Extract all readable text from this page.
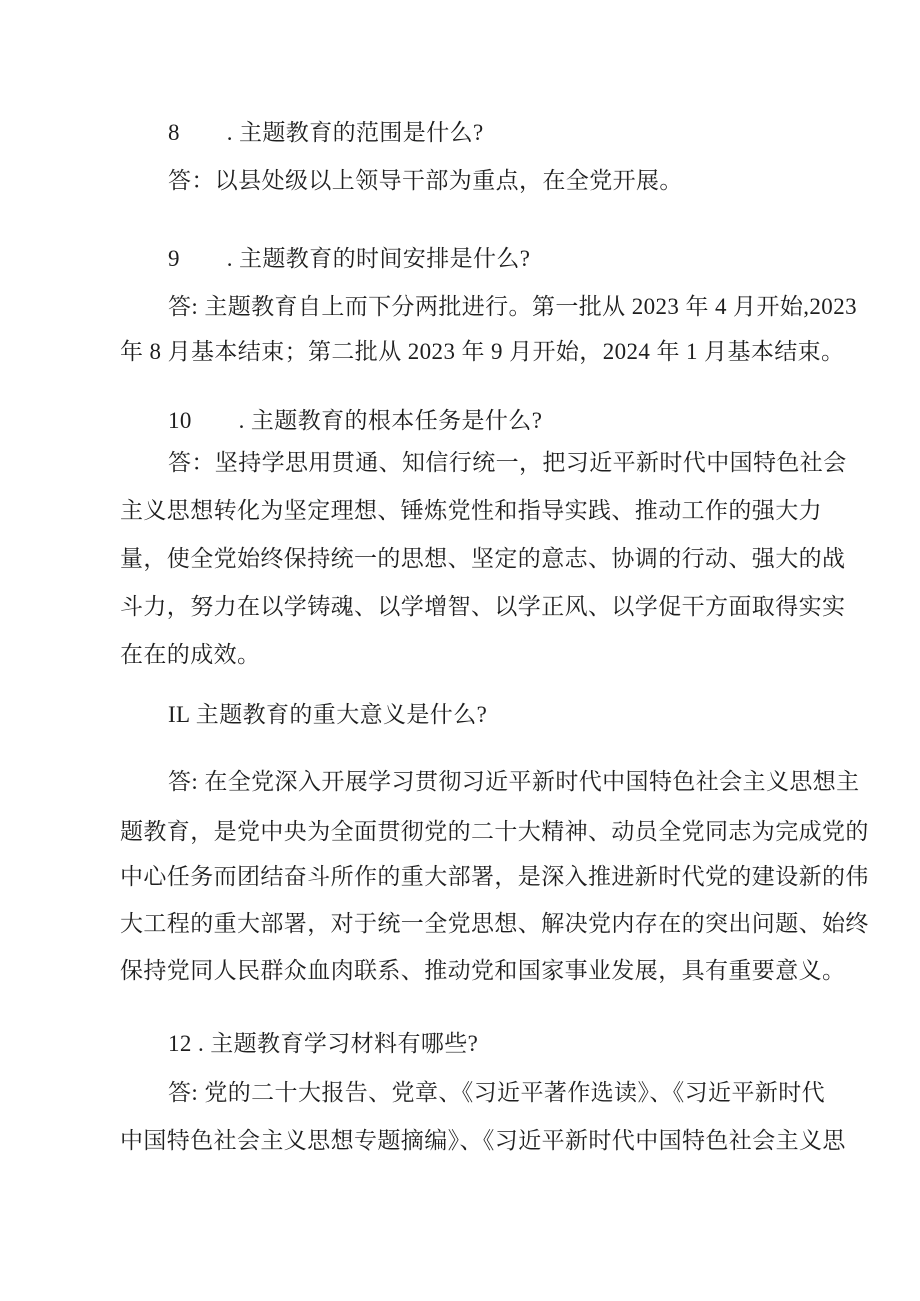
8　　. 主题教育的范围是什么?
答：以县处级以上领导干部为重点，在全党开展。
9　　. 主题教育的时间安排是什么?
答: 主题教育自上而下分两批进行。第一批从 2023 年 4 月开始,2023
年 8 月基本结束；第二批从 2023 年 9 月开始，2024 年 1 月基本结束。
10　　. 主题教育的根本任务是什么?
答：坚持学思用贯通、知信行统一，把习近平新时代中国特色社会
主义思想转化为坚定理想、锤炼党性和指导实践、推动工作的强大力
量，使全党始终保持统一的思想、坚定的意志、协调的行动、强大的战
斗力，努力在以学铸魂、以学增智、以学正风、以学促干方面取得实实
在在的成效。
IL 主题教育的重大意义是什么?
答: 在全党深入开展学习贯彻习近平新时代中国特色社会主义思想主
题教育，是党中央为全面贯彻党的二十大精神、动员全党同志为完成党的
中心任务而团结奋斗所作的重大部署，是深入推进新时代党的建设新的伟
大工程的重大部署，对于统一全党思想、解决党内存在的突出问题、始终
保持党同人民群众血肉联系、推动党和国家事业发展，具有重要意义。
12 . 主题教育学习材料有哪些?
答: 党的二十大报告、党章、《习近平著作选读》、《习近平新时代
中国特色社会主义思想专题摘编》、《习近平新时代中国特色社会主义思
